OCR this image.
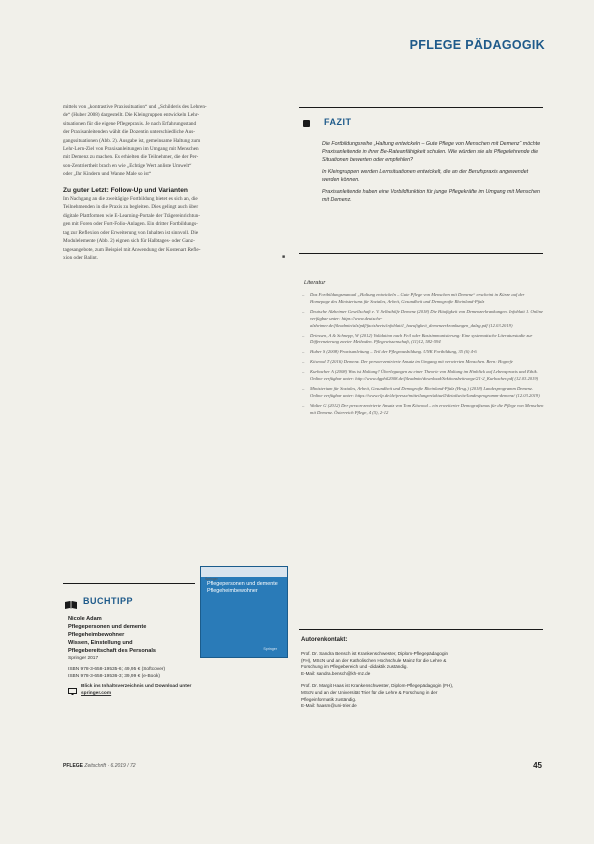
PFLEGE PÄDAGOGIK

mittels von „kontrastive Praxissituation“ und „Schilderis des Lehren-

de“ (Huber 2008) dargestellt. Die Kleingruppen entwickeln Lehr-

situationen für die eigene Pflegepraxis. Je nach Erfahrungsstand

der Praxisanleitenden wählt die Dozentin unterschiedliche Aus-

gangssituationen (Abb. 2). Ausgabe ist, gemeinsame Haltung zum

Lehr-Lern-Ziel von Praxisanleitungen im Umgang mit Menschen

mit Demenz zu machen. Es erhielten die Teilnehmer, die der Per-

son-Zentriertheit brach en wie „Echtige Wert anliste Umwelt“

oder „Ihr Kindern und Wanne Male so ist“

Zu guter Letzt: Follow-Up und Varianten

Im Nachgang an die zweitägige Fortbildung bietet es sich an, die

Teilnehmenden in die Praxis zu begleiten. Dies gelingt auch über

digitale Plattformen wie E-Learning-Portale der Trägereinrichtun-

gen mit Foren oder Fort-Folio-Anlagen. Ein dritter Fortbildungs-

tag zur Reflexion oder Erweiterung von Inhalten ist sinnvoll. Die

Modulelemente (Abb. 2) eignen sich für Halbtages- oder Ganz-

tagesangebote, zum Beispiel mit Anwendung der Kostenart Refle-

xion oder Balint.	■

FAZIT

Die Fortbildungsreihe „Haltung entwickeln – Gute Pflege von Menschen mit Demenz“ möchte Praxisanleitende in ihrer Be-Rateanfähigkeit schulen. Wie würden sie als Pflegelehrende die Situationen bewerten oder empfehlen?

In Kleingruppen werden Lernsituationen entwickelt, die an der Berufspraxis angewendet werden können.

Praxisanleitende haben eine Vorbildfunktion für junge Pflegekräfte im Umgang mit Menschen mit Demenz.

Literatur
– Das Fortbildungsmanual „Haltung entwickeln – Gute Pflege von Menschen mit Demenz“ erscheint in Kürze auf der Homepage des Ministeriums für Soziales, Arbeit, Gesundheit und Demografie Rheinland-Pfalz
– Deutsche Alzheimer Gesellschaft e. V. Selbsthilfe Demenz (2018) Die Häufigkeit von Demenzerkrankungen. Infoblatt 1. Online verfügbar unter: https://www.deutsche-alzheimer.de/fileadmin/alz/pdf/factsheets/infoblatt1_haeufigkeit_demenzerkrankungen_dalzg.pdf (12.03.2019)
– Driessen, A & Schnepp, W (2012) Validation nach Feil oder Basisimmunisierung: Eine systematische Literaturstudie zur Differenzierung zweier Methoden. Pflegewissenschaft, (11)12, 582-594
– Huber S (2008) Praxisanleitung – Teil der Pflegeausbildung. UNK Fortbildung, 35 (6) 4-6
– Kitwood T (2016) Demenz. Der person-zentrierte Ansatz im Umgang mit verwirrten Menschen. Bern: Hogrefe
– Kurbacher A (2008) Was ist Haltung? Überlegungen zu einer Theorie von Haltung im Hinblick auf Lebenspraxis und Ethik. Online verfügbar unter: http://www.dgphil2008.de/fileadmin/download/Sektionsbeitraege/21-2_Kurbacher.pdf (12.03.2019)
– Ministerium für Soziales, Arbeit, Gesundheit und Demografie Rheinland-Pfalz (Hrsg.) (2018) Landesprogramm Demenz. Online verfügbar unter: https://www.rlp.de/de/presse/mitteilungen/aktuell/detailseite/landesprogramm-demenz/ (12.03.2019)
– Walter G (2012) Der person-zentrierte Ansatz von Tom Kitwood – ein erweiterter Demografismus für die Pflege von Menschen mit Demenz. Österreich Pflege, 4 (5), 2-12
BUCHTIPP
Nicole Adam
Pflegepersonen und demente
Pflegeheimbewohner
Wissen, Einstellung und
Pflegebereitschaft des Personals
Springer 2017
ISBN 978-3-658-19535-6; 49,95 € (Softcover)
ISBN 978-3-658-19536-3; 39,99 € (e-Book)
Blick ins Inhaltsverzeichnis und Download unter
springer.com
Springer
Pflegepersonen und demente Pflegeheimbewohner
Springer
Autorenkontakt:
Prof. Dr. Sandra Bensch ist Krankenschwester, Diplom-Pflegepädagogin
(FH), MScN und an der Katholischen Hochschule Mainz für die Lehre &
Forschung im Pflegebereich und -didaktik zuständig.
E-Mail: sandra.bensch@kh-mz.de
Prof. Dr. Margit Haas ist Krankenschwester, Diplom-Pflegepädagogin (FH),
MScN und an der Universität Trier für die Lehre & Forschung in der
Pflegeinformatik zuständig.
E-Mail: haasm@uni-trier.de
PFLEGE Zeitschrift · 6.2019 / 72	45
